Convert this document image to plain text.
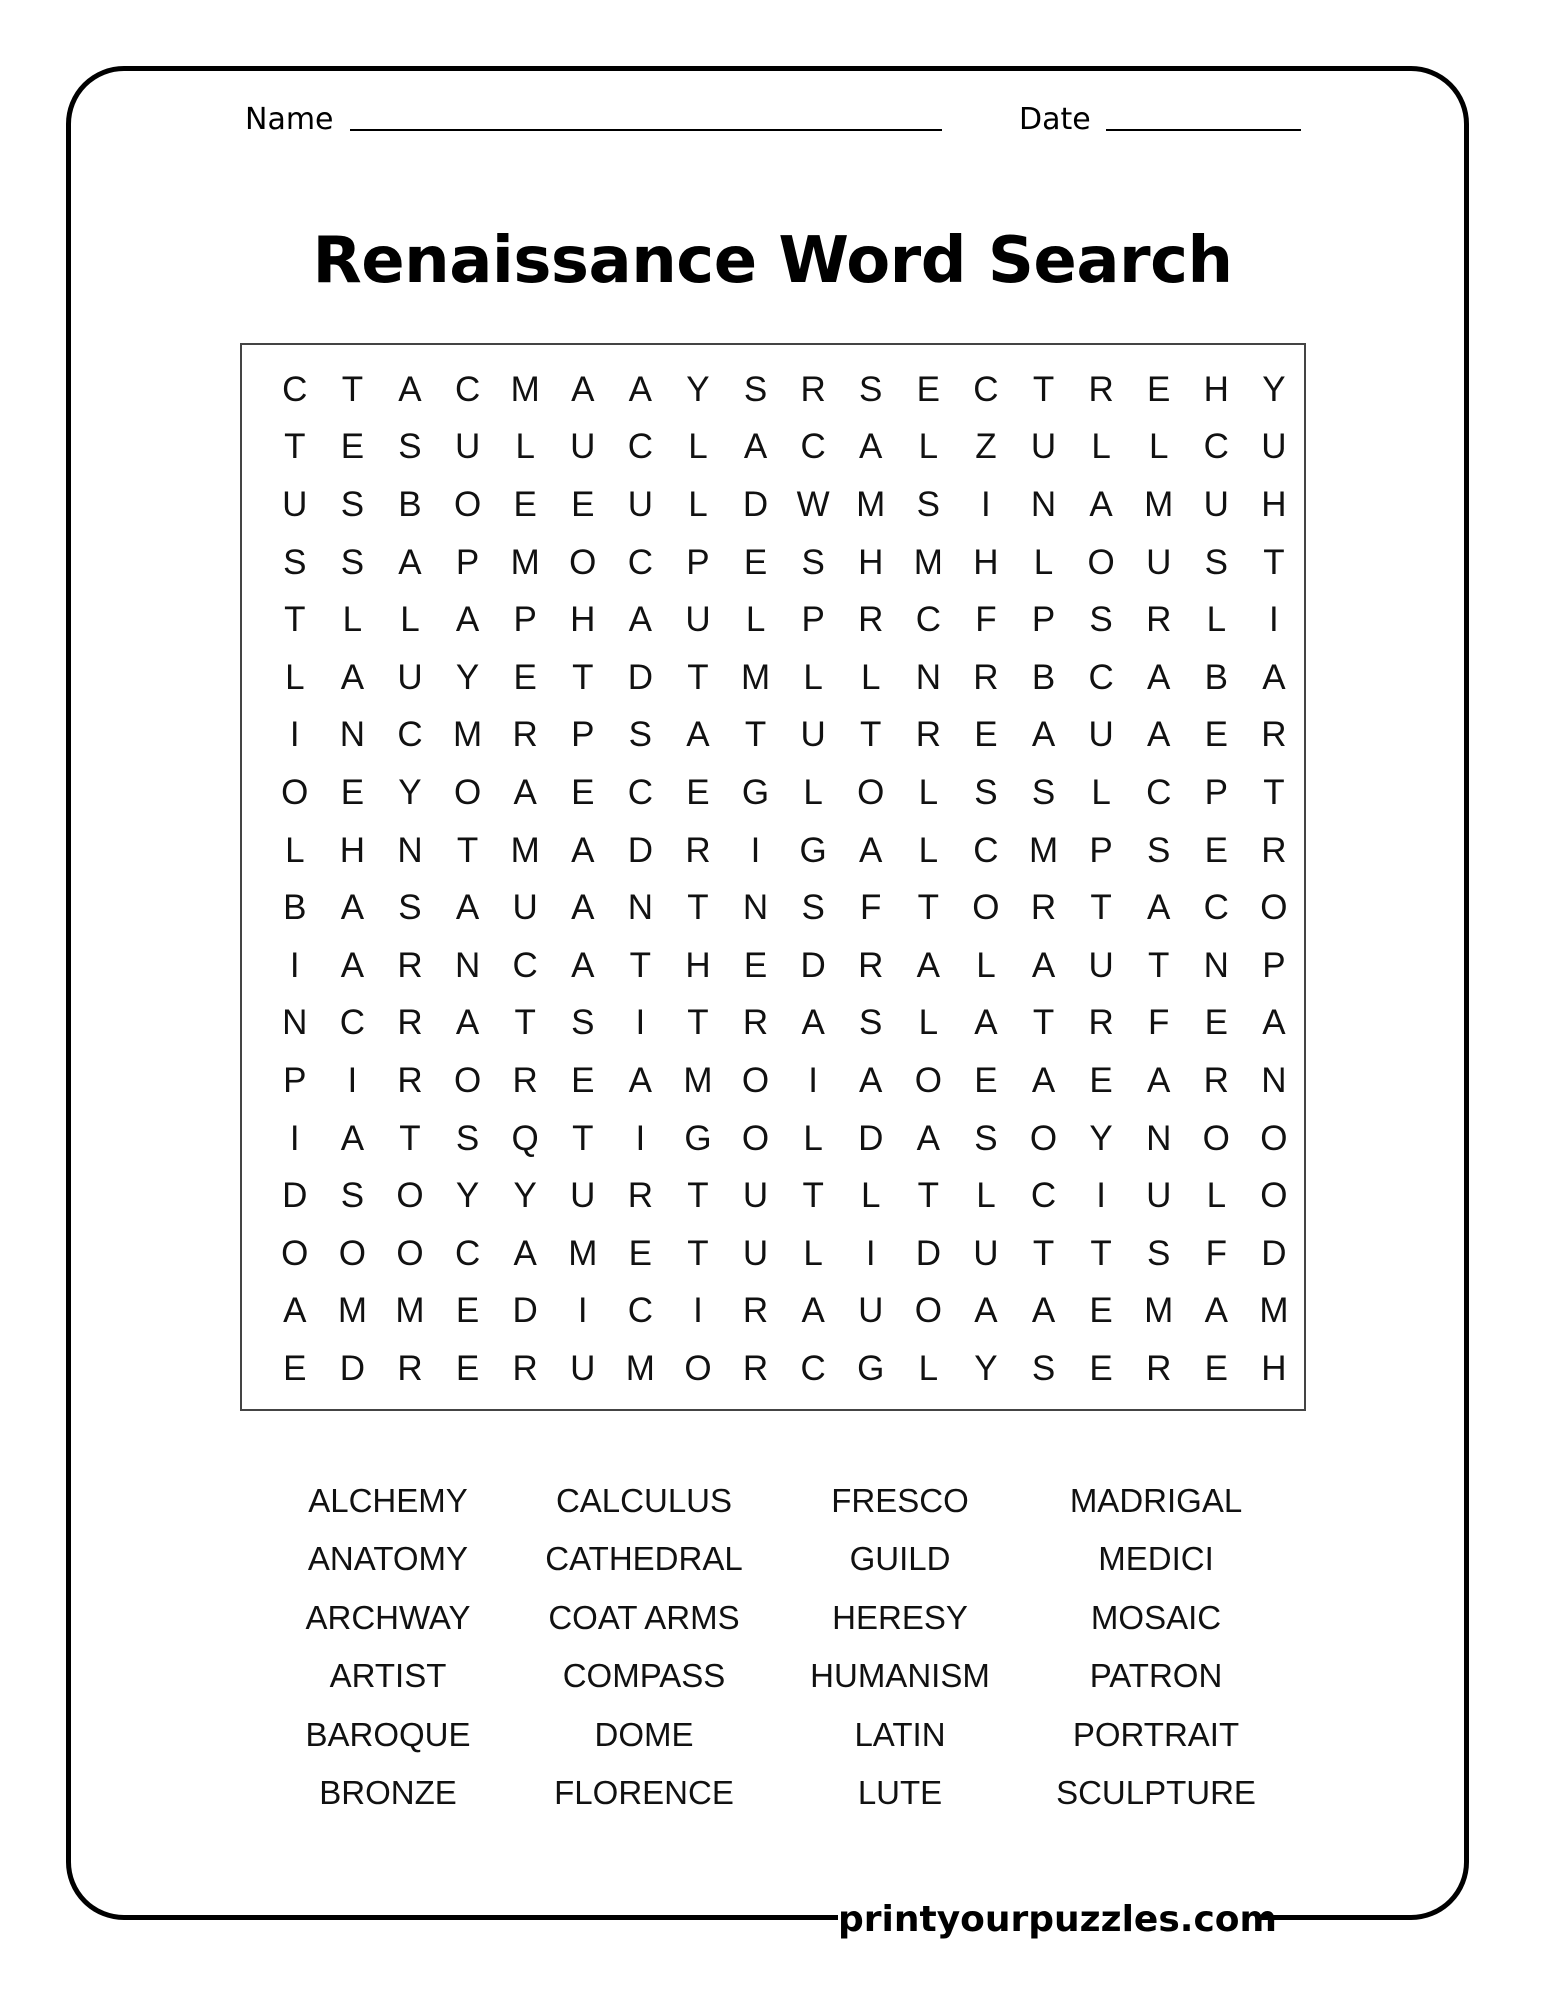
Name	Date
Renaissance Word Search
C T	A C M A A Y S R S E C T R E H Y
T	E S U	L	U C	L	A C A	L	Z U	L	L	C U
U S B O E E U	L	D W M S	I	N A M U H
S S A P M O C P E S H M H	L O U S	T
T	L	L	A P H A U	L	P R C F	P S R	L	I
L	A U Y E	T D T M L	L	N R B C A B A
I	N C M R P S A	T U T R E A U A E R
O E Y O A E C E G L O L	S S	L	C P	T
L	H N T M A D R	I	G A	L	C M P S E R
B A S A U A N T N S	F	T O R T	A C O
I	A R N C A	T H E D R A	L	A U T N P
N C R A	T	S	I	T R A S	L	A	T R F	E A
P	I	R O R E A M O	I	A O E A E A R N
I	A	T	S Q T	I	G O L	D A S O Y N O O
D S O Y Y U R T U T	L	T	L	C	I	U	L O
O O O C A M E	T U	L	I	D U T	T	S	F D
A M M E D	I	C	I	R A U O A A E M A M
E D R E R U M O R C G L	Y S E R E H
ALCHEMY	CALCULUS	FRESCO	MADRIGAL
ANATOMY	CATHEDRAL	GUILD	MEDICI
ARCHWAY	COAT ARMS	HERESY	MOSAIC
ARTIST	COMPASS	HUMANISM	PATRON
BAROQUE	DOME	LATIN	PORTRAIT
BRONZE	FLORENCE	LUTE	SCULPTURE
printyourpuzzles.com
